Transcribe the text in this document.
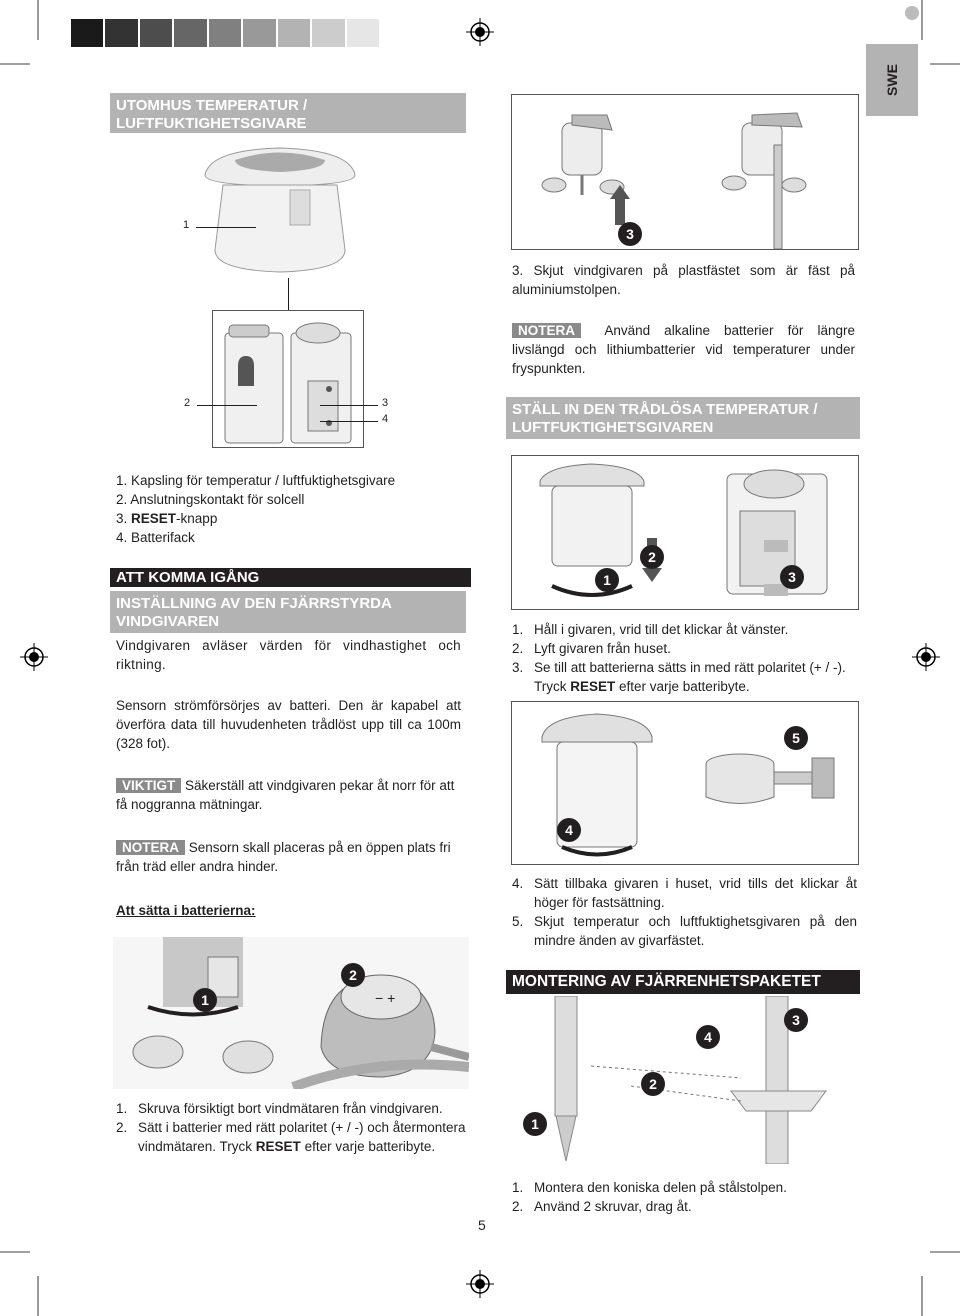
SWE
UTOMHUS TEMPERATUR / LUFTFUKTIGHETSGIVARE
1
2	3
4
1. Kapsling för temperatur / luftfuktighetsgivare
2. Anslutningskontakt för solcell
3. RESET-knapp
4. Batterifack
ATT KOMMA IGÅNG
INSTÄLLNING AV DEN FJÄRRSTYRDA VINDGIVAREN
Vindgivaren avläser värden för vindhastighet och riktning.
Sensorn strömförsörjes av batteri. Den är kapabel att överföra data till huvudenheten trådlöst upp till ca 100m (328 fot).
VIKTIGT Säkerställ att vindgivaren pekar åt norr för att få noggranna mätningar.
NOTERA Sensorn skall placeras på en öppen plats fri från träd eller andra hinder.
Att sätta i batterierna:
− +
1
2
1. Skruva försiktigt bort vindmätaren från vindgivaren.
2. Sätt i batterier med rätt polaritet (+ / -) och återmontera vindmätaren. Tryck RESET efter varje batteribyte.
5
3
3. Skjut vindgivaren på plastfästet som är fäst på aluminiumstolpen.
NOTERA Använd alkaline batterier för längre livslängd och lithiumbatterier vid temperaturer under fryspunkten.
STÄLL IN DEN TRÅDLÖSA TEMPERATUR / LUFTFUKTIGHETSGIVAREN
1
2
3
1. Håll i givaren, vrid till det klickar åt vänster.
2. Lyft givaren från huset.
3. Se till att batterierna sätts in med rätt polaritet (+ / -). Tryck RESET efter varje batteribyte.
5
4
4. Sätt tillbaka givaren i huset, vrid tills det klickar åt höger för fastsättning.
5. Skjut temperatur och luftfuktighetsgivaren på den mindre änden av givarfästet.
MONTERING AV FJÄRRENHETSPAKETET
3
4
2
1
1. Montera den koniska delen på stålstolpen.
2. Använd 2 skruvar, drag åt.
